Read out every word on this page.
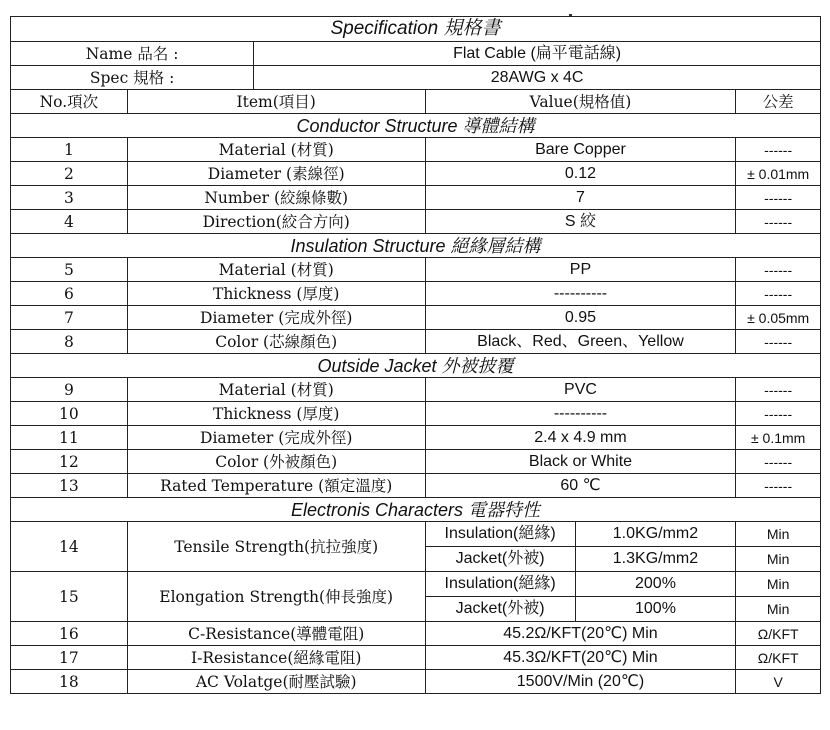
Specification 規格書					
Name 品名 :		Flat Cable (扁平電話線)			
Spec 規格 :		28AWG x 4C			
No.項次	Item(項目)		Value(規格值)		公差
Conductor Structure 導體結構					
1	Material (材質)		Bare Copper		------
2	Diameter (素線徑)		0.12		± 0.01mm
3	Number (絞線條數)		7		------
4	Direction(絞合方向)		S 絞		------
Insulation Structure 絕緣層結構					
5	Material (材質)		PP		------
6	Thickness (厚度)		----------		------
7	Diameter (完成外徑)		0.95		± 0.05mm
8	Color (芯線顏色)		Black、Red、Green、Yellow		------
Outside Jacket 外被披覆					
9	Material (材質)		PVC		------
10	Thickness (厚度)		----------		------
11	Diameter (完成外徑)		2.4 x 4.9 mm		± 0.1mm
12	Color (外被顏色)		Black or White		------
13	Rated Temperature (額定溫度)		60 ℃		------
Electronis Characters 電器特性					
14	Tensile Strength(抗拉強度)		Insulation(絕緣)	1.0KG/mm2	Min
			Jacket(外被)	1.3KG/mm2	Min
15	Elongation Strength(伸長強度)		Insulation(絕緣)	200%	Min
			Jacket(外被)	100%	Min
16	C-Resistance(導體電阻)		45.2Ω/KFT(20℃) Min		Ω/KFT
17	I-Resistance(絕緣電阻)		45.3Ω/KFT(20℃) Min		Ω/KFT
18	AC Volatge(耐壓試驗)		1500V/Min (20℃)		V
